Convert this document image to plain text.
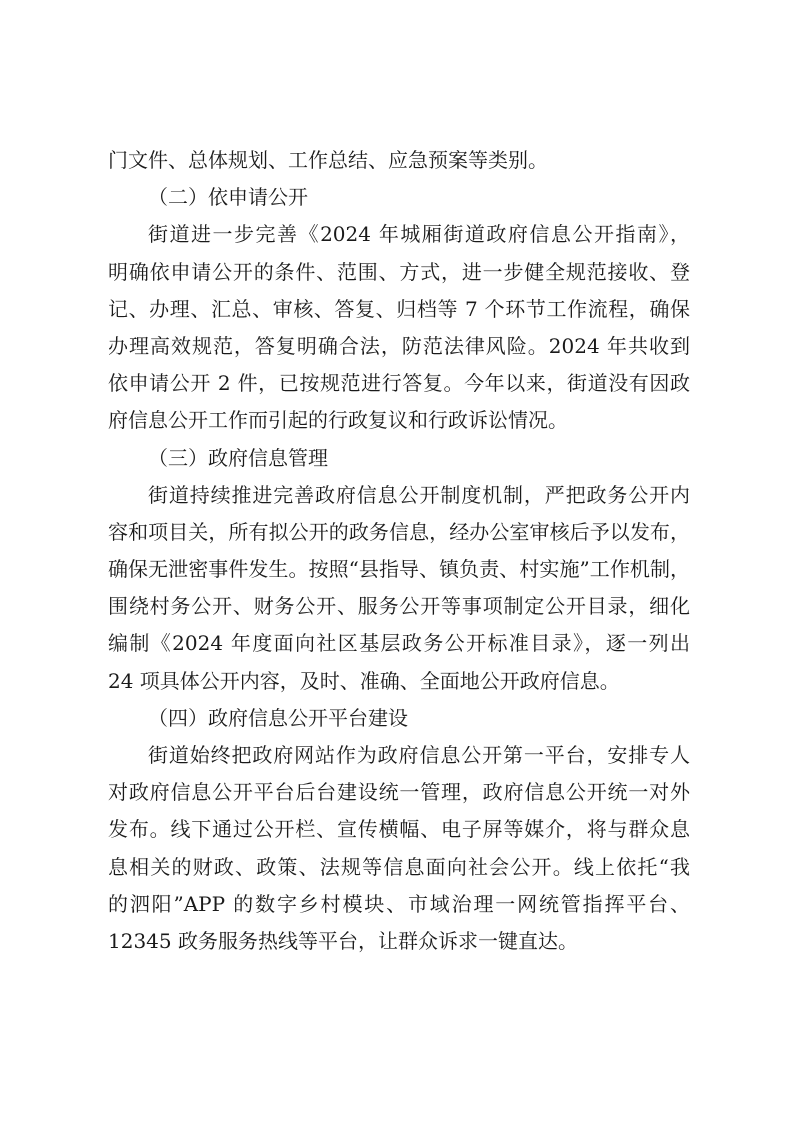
门文件、总体规划、工作总结、应急预案等类别。
（二）依申请公开
街道进一步完善《2024 年城厢街道政府信息公开指南》，
明确依申请公开的条件、范围、方式，进一步健全规范接收、登
记、办理、汇总、审核、答复、归档等 7 个环节工作流程，确保
办理高效规范，答复明确合法，防范法律风险。2024 年共收到
依申请公开 2 件，已按规范进行答复。今年以来，街道没有因政
府信息公开工作而引起的行政复议和行政诉讼情况。
（三）政府信息管理
街道持续推进完善政府信息公开制度机制，严把政务公开内
容和项目关，所有拟公开的政务信息，经办公室审核后予以发布，
确保无泄密事件发生。按照“县指导、镇负责、村实施”工作机制，
围绕村务公开、财务公开、服务公开等事项制定公开目录，细化
编制《2024 年度面向社区基层政务公开标准目录》，逐一列出
24 项具体公开内容，及时、准确、全面地公开政府信息。
（四）政府信息公开平台建设
街道始终把政府网站作为政府信息公开第一平台，安排专人
对政府信息公开平台后台建设统一管理，政府信息公开统一对外
发布。线下通过公开栏、宣传横幅、电子屏等媒介，将与群众息
息相关的财政、政策、法规等信息面向社会公开。线上依托“我
的泗阳”APP 的数字乡村模块、市域治理一网统管指挥平台、
12345 政务服务热线等平台，让群众诉求一键直达。
